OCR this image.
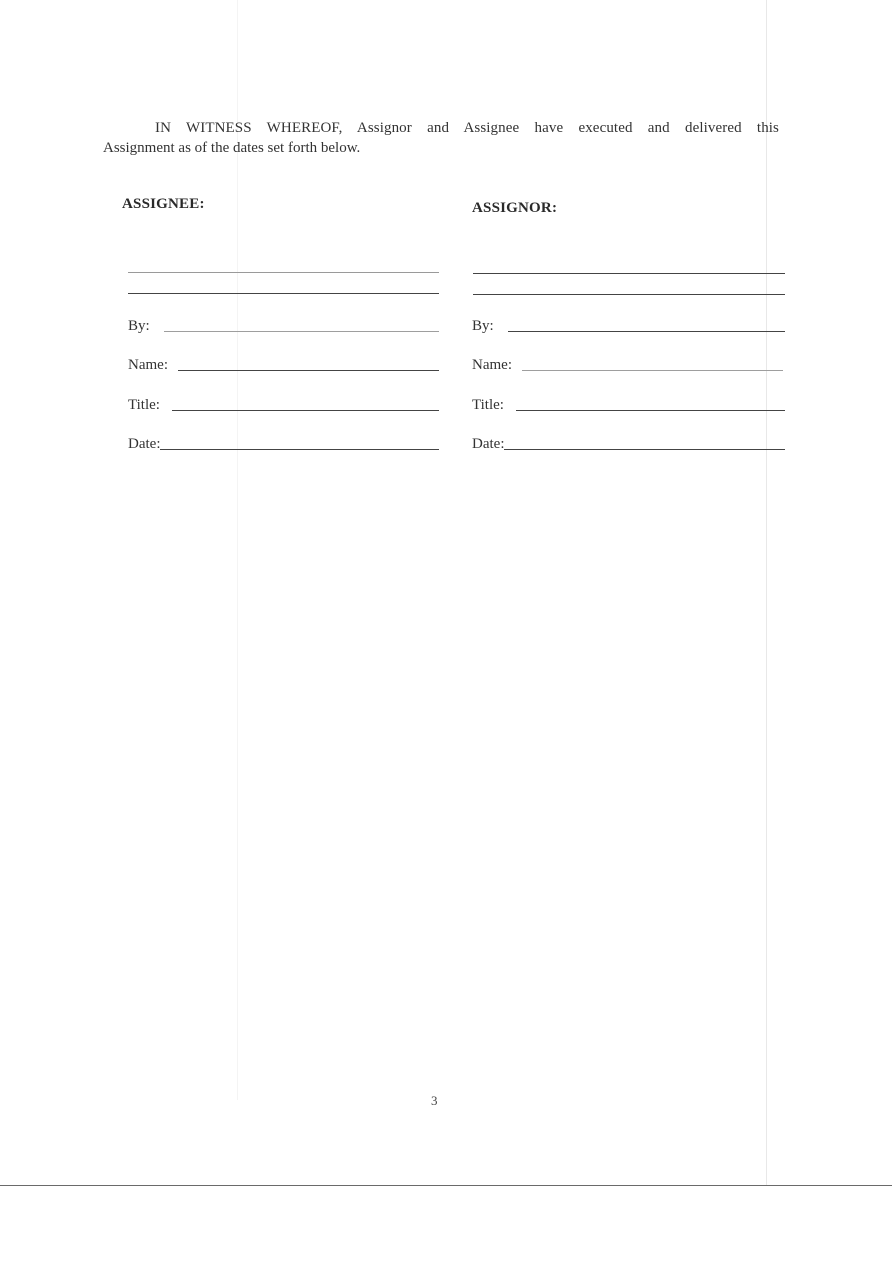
IN WITNESS WHEREOF, Assignor and Assignee have executed and delivered this
Assignment as of the dates set forth below.
ASSIGNEE:
By:
Name:
Title:
Date:
ASSIGNOR:
By:
Name:
Title:
Date:
3
